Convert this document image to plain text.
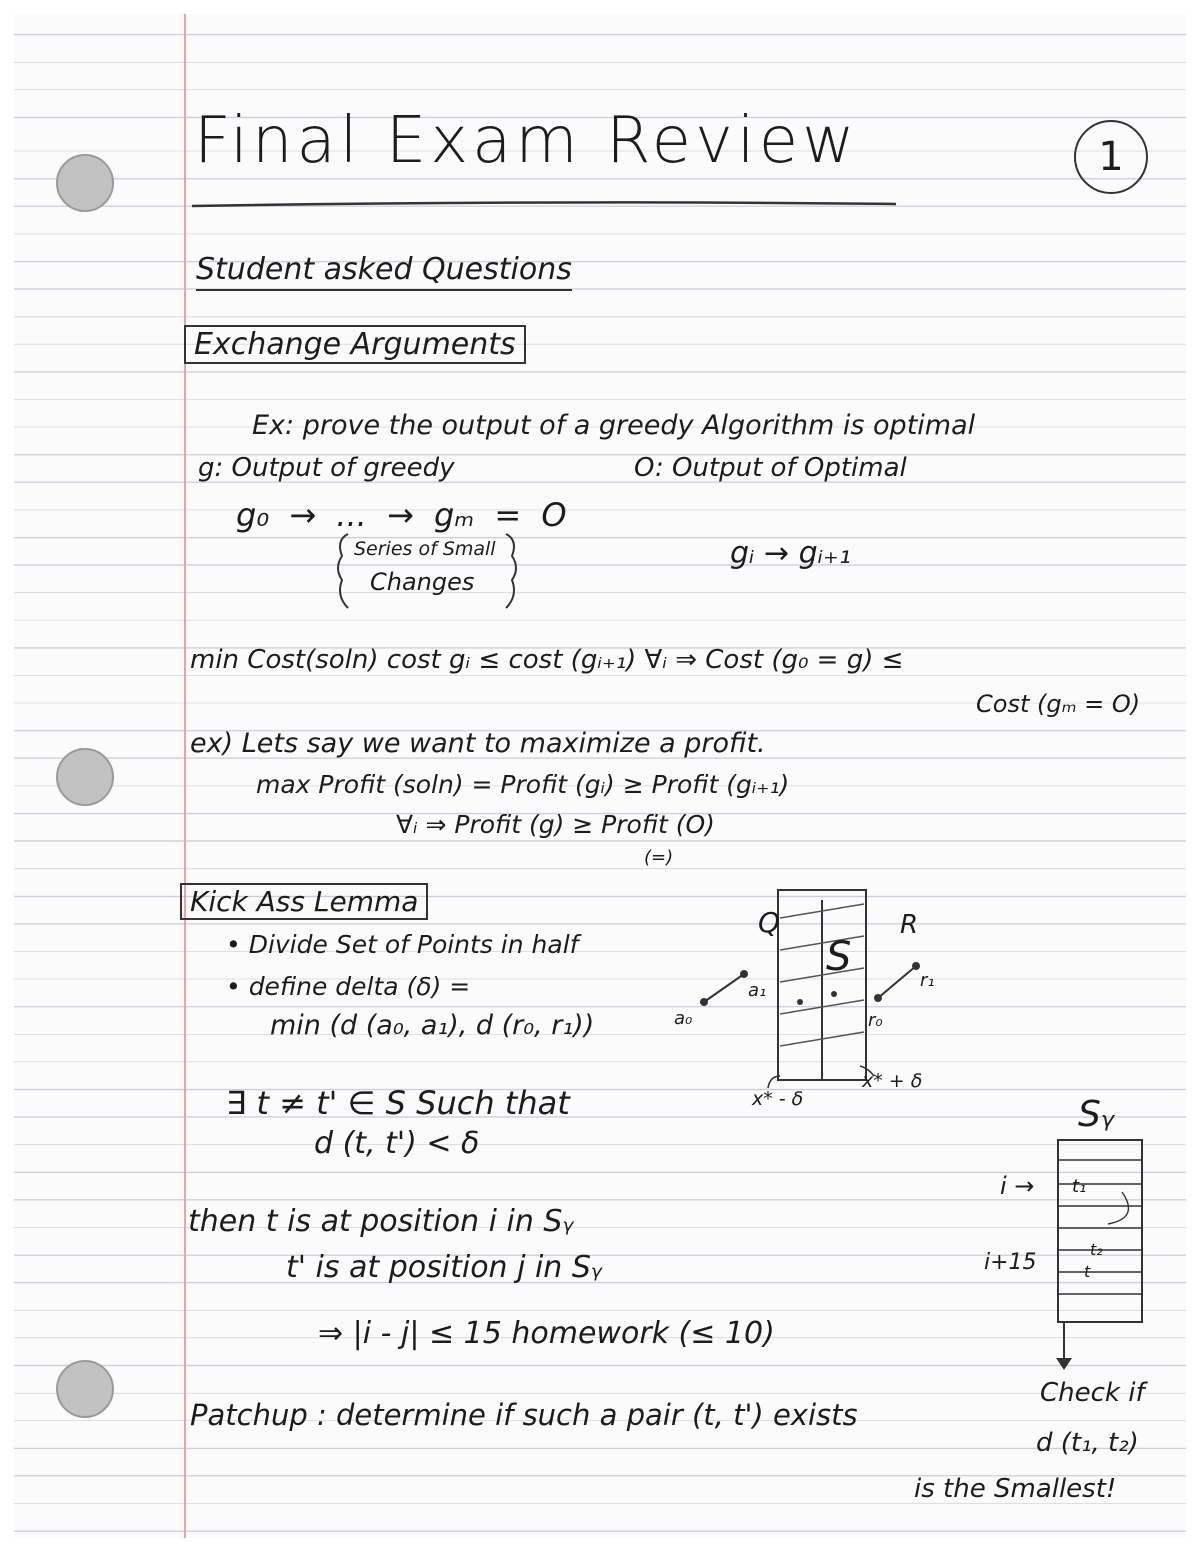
Final Exam Review	1
Student asked Questions
Exchange Arguments
Ex: prove the output of a greedy Algorithm is optimal
g: Output of greedy	O: Output of Optimal
g₀ → ... → gₘ = O
Series of Small
Changes
gᵢ → gᵢ₊₁
min Cost(soln) cost gᵢ ≤ cost (gᵢ₊₁) ∀ᵢ ⇒ Cost (g₀ = g) ≤
Cost (gₘ = O)
ex) Lets say we want to maximize a profit.
max Profit (soln) = Profit (gᵢ) ≥ Profit (gᵢ₊₁)
∀ᵢ ⇒ Profit (g) ≥ Profit (O)
(=)
Kick Ass Lemma
• Divide Set of Points in half
• define delta (δ) =
min (d (a₀, a₁), d (r₀, r₁))
∃ t ≠ t' ∈ S Such that
d (t, t') < δ
then t is at position i in Sᵧ
t' is at position j in Sᵧ
⇒ |i - j| ≤ 15 homework (≤ 10)
Patchup : determine if such a pair (t, t') exists
Q	R
S
a₀
a₁
r₀
r₁
x* - δ
x* + δ
Sᵧ
i →
i+15
t₁
t₂
t
Check if
d (t₁, t₂)
is the Smallest!
